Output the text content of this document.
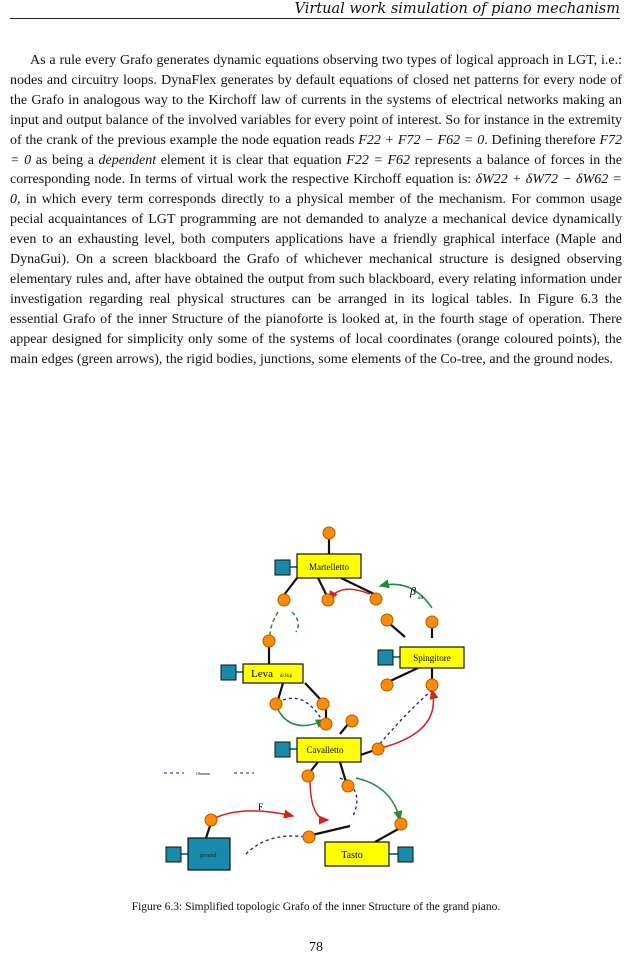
Virtual work simulation of piano mechanism

As a rule every Grafo generates dynamic equations observing two types of logical approach in LGT, i.e.: nodes and circuitry loops. DynaFlex generates by default equations of closed net patterns for every node of the Grafo in analogous way to the Kirchoff law of currents in the systems of electrical networks making an input and output balance of the involved variables for every point of interest. So for instance in the extremity of the crank of the previous example the node equation reads F22 + F72 − F62 = 0. Defining therefore F72 = 0 as being a dependent element it is clear that equation F22 = F62 represents a balance of forces in the corresponding node. In terms of virtual work the respective Kirchoff equation is: δW22 + δW72 − δW62 = 0, in which every term corresponds directly to a physical member of the mechanism. For common usage pecial acquaintances of LGT programming are not demanded to analyze a mechanical device dynamically even to an exhausting level, both computers applications have a friendly graphical interface (Maple and DynaGui). On a screen blackboard the Grafo of whichever mechanical structure is designed observing elementary rules and, after have obtained the output from such blackboard, every relating information under investigation regarding real physical structures can be arranged in its logical tables. In Figure 6.3 the essential Grafo of the inner Structure of the pianoforte is looked at, in the fourth stage of operation. There appear designed for simplicity only some of the systems of local coordinates (orange coloured points), the main edges (green arrows), the rigid bodies, junctions, some elements of the Co-tree, and the ground nodes.

Martelletto
Spingitore
Leva di Rip
Cavalletto
Tasto
ground
β
ad
F
Ohmmm
Figure 6.3: Simplified topologic Grafo of the inner Structure of the grand piano.
78
